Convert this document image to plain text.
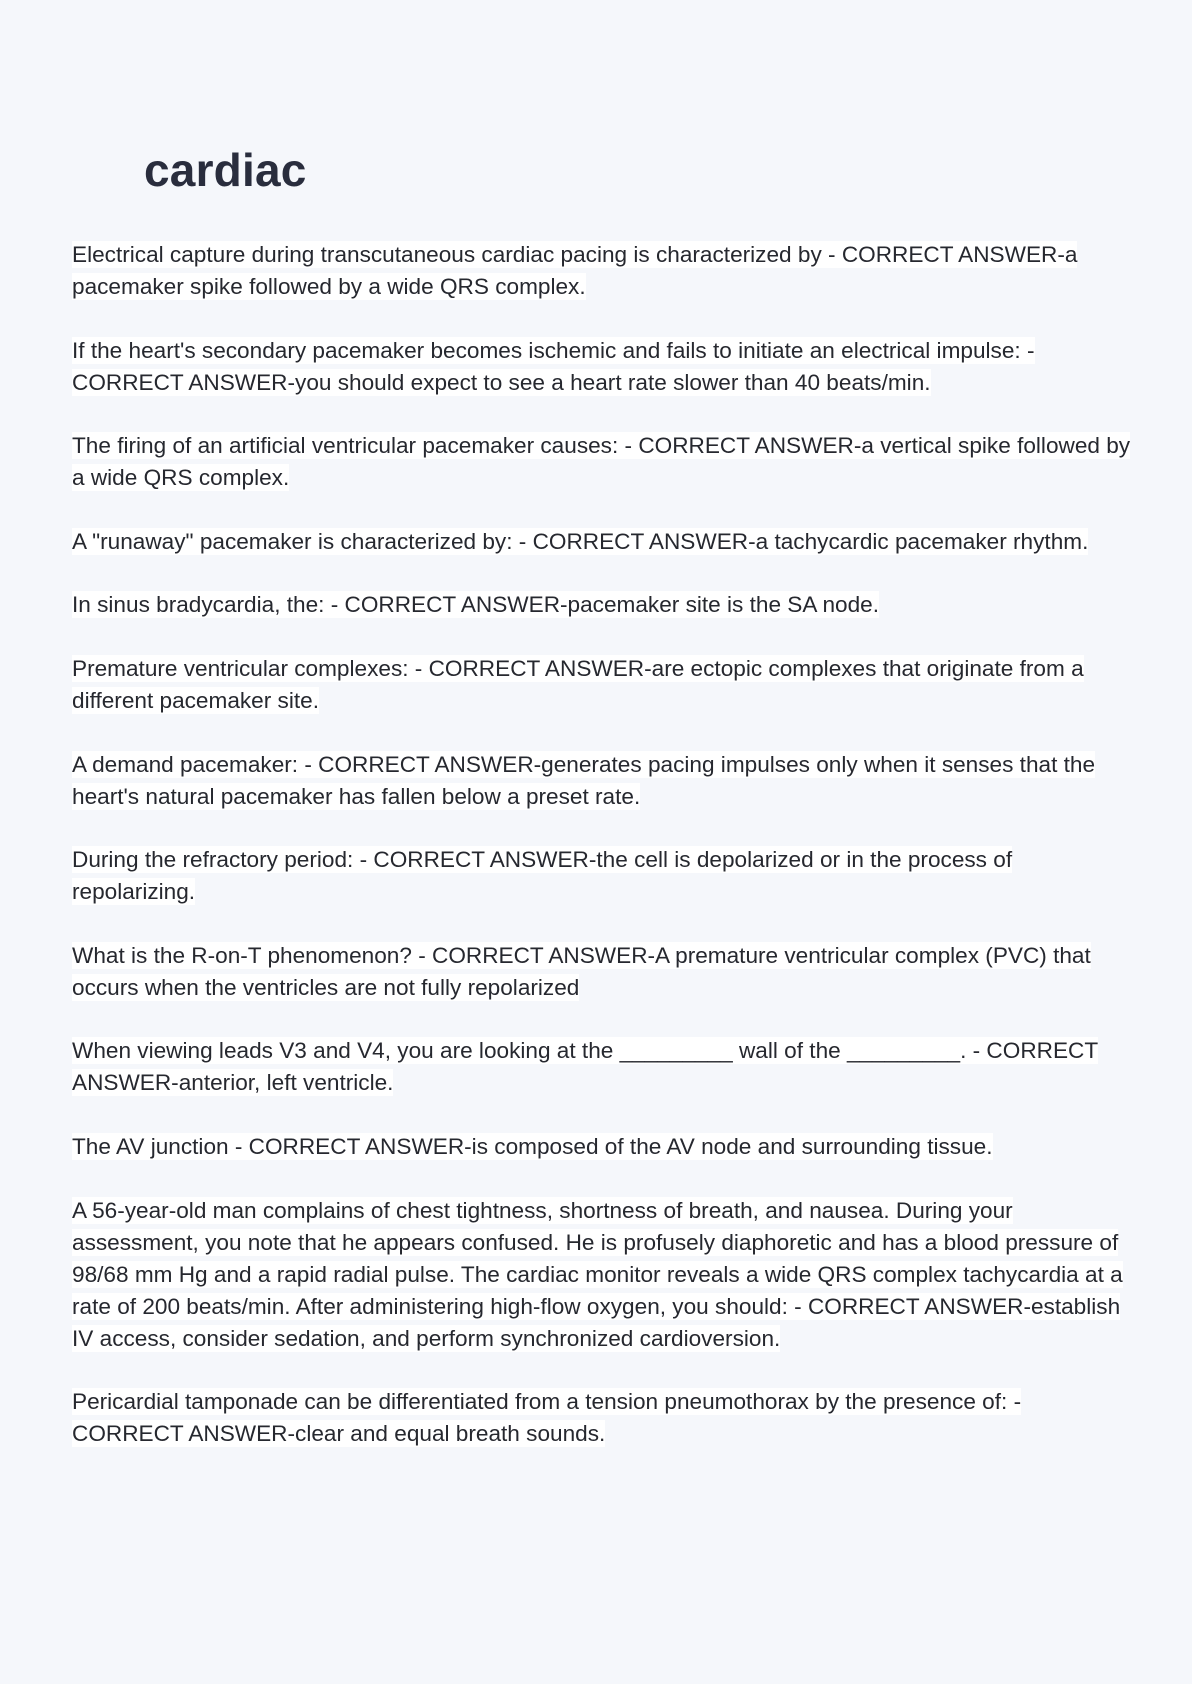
cardiac

Electrical capture during transcutaneous cardiac pacing is characterized by - CORRECT ANSWER-a pacemaker spike followed by a wide QRS complex.

If the heart's secondary pacemaker becomes ischemic and fails to initiate an electrical impulse: - CORRECT ANSWER-you should expect to see a heart rate slower than 40 beats/min.

The firing of an artificial ventricular pacemaker causes: - CORRECT ANSWER-a vertical spike followed by a wide QRS complex.

A "runaway" pacemaker is characterized by: - CORRECT ANSWER-a tachycardic pacemaker rhythm.

In sinus bradycardia, the: - CORRECT ANSWER-pacemaker site is the SA node.

Premature ventricular complexes: - CORRECT ANSWER-are ectopic complexes that originate from a different pacemaker site.

A demand pacemaker: - CORRECT ANSWER-generates pacing impulses only when it senses that the heart's natural pacemaker has fallen below a preset rate.

During the refractory period: - CORRECT ANSWER-the cell is depolarized or in the process of repolarizing.

What is the R-on-T phenomenon? - CORRECT ANSWER-A premature ventricular complex (PVC) that occurs when the ventricles are not fully repolarized

When viewing leads V3 and V4, you are looking at the _________ wall of the _________. - CORRECT ANSWER-anterior, left ventricle.

The AV junction - CORRECT ANSWER-is composed of the AV node and surrounding tissue.

A 56-year-old man complains of chest tightness, shortness of breath, and nausea. During your assessment, you note that he appears confused. He is profusely diaphoretic and has a blood pressure of 98/68 mm Hg and a rapid radial pulse. The cardiac monitor reveals a wide QRS complex tachycardia at a rate of 200 beats/min. After administering high-flow oxygen, you should: - CORRECT ANSWER-establish IV access, consider sedation, and perform synchronized cardioversion.

Pericardial tamponade can be differentiated from a tension pneumothorax by the presence of: - CORRECT ANSWER-clear and equal breath sounds.
